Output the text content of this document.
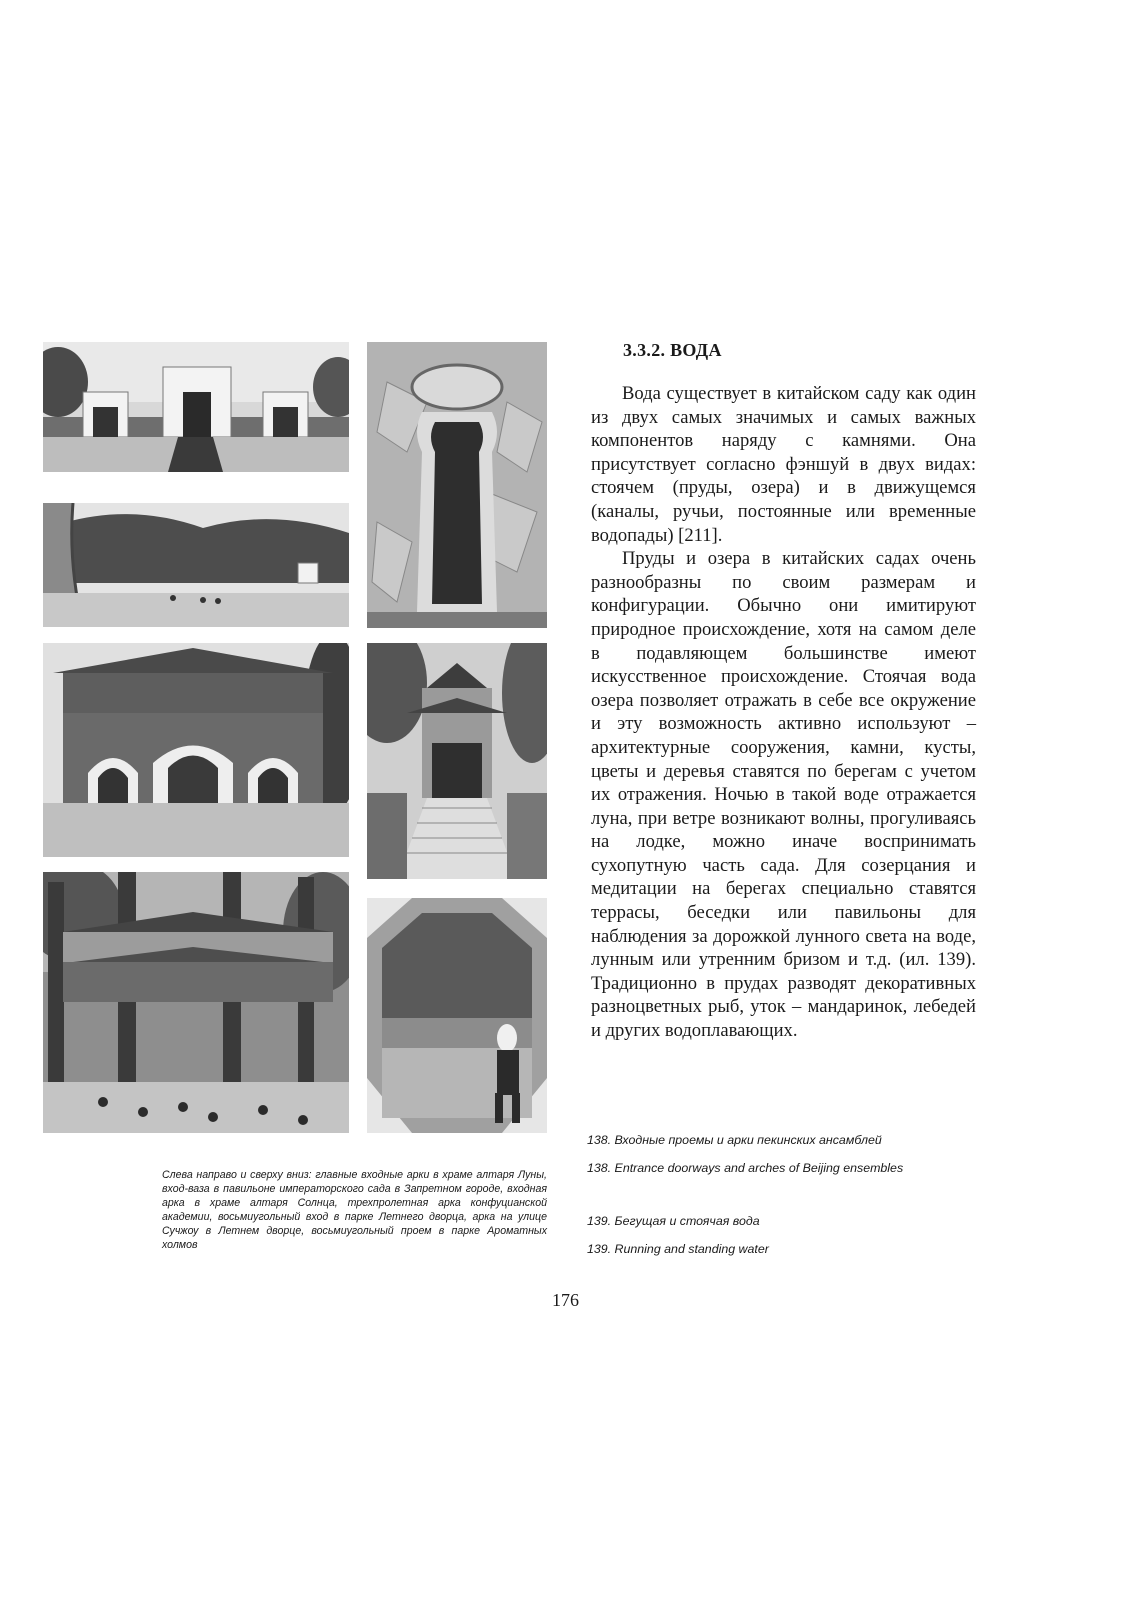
3.3.2. ВОДА

Вода существует в китайском саду как один из двух самых значимых и самых важных компонентов наряду с камнями. Она присутствует согласно фэншуй в двух видах: стоячем (пруды, озера) и в движущемся (каналы, ручьи, постоянные или временные водопады) [211].

Пруды и озера в китайских садах очень разнообразны по своим размерам и конфигурации. Обычно они имитируют природное происхождение, хотя на самом деле в подавляющем большинстве имеют искусственное происхождение. Стоячая вода озера позволяет отражать в себе все окружение и эту возможность активно используют – архитектурные сооружения, камни, кусты, цветы и деревья ставятся по берегам с учетом их отражения. Ночью в такой воде отражается луна, при ветре возникают волны, прогуливаясь на лодке, можно иначе воспринимать сухопутную часть сада. Для созерцания и медитации на берегах специально ставятся террасы, беседки или павильоны для наблюдения за дорожкой лунного света на воде, лунным или утренним бризом и т.д. (ил. 139). Традиционно в прудах разводят декоративных разноцветных рыб, уток – мандаринок, лебедей и других водоплавающих.

Слева направо и сверху вниз: главные входные арки в храме алтаря Луны, вход-ваза в павильоне императорского сада в Запретном городе, входная арка в храме алтаря Солнца, трехпролетная арка конфуцианской академии, восьмиугольный вход в парке Летнего дворца, арка на улице Сучжоу в Летнем дворце, восьмиугольный проем в парке Ароматных холмов
138. Входные проемы и арки пекинских ансамблей
138. Entrance doorways and arches of Beijing ensembles
139. Бегущая и стоячая вода
139. Running and standing water
176
